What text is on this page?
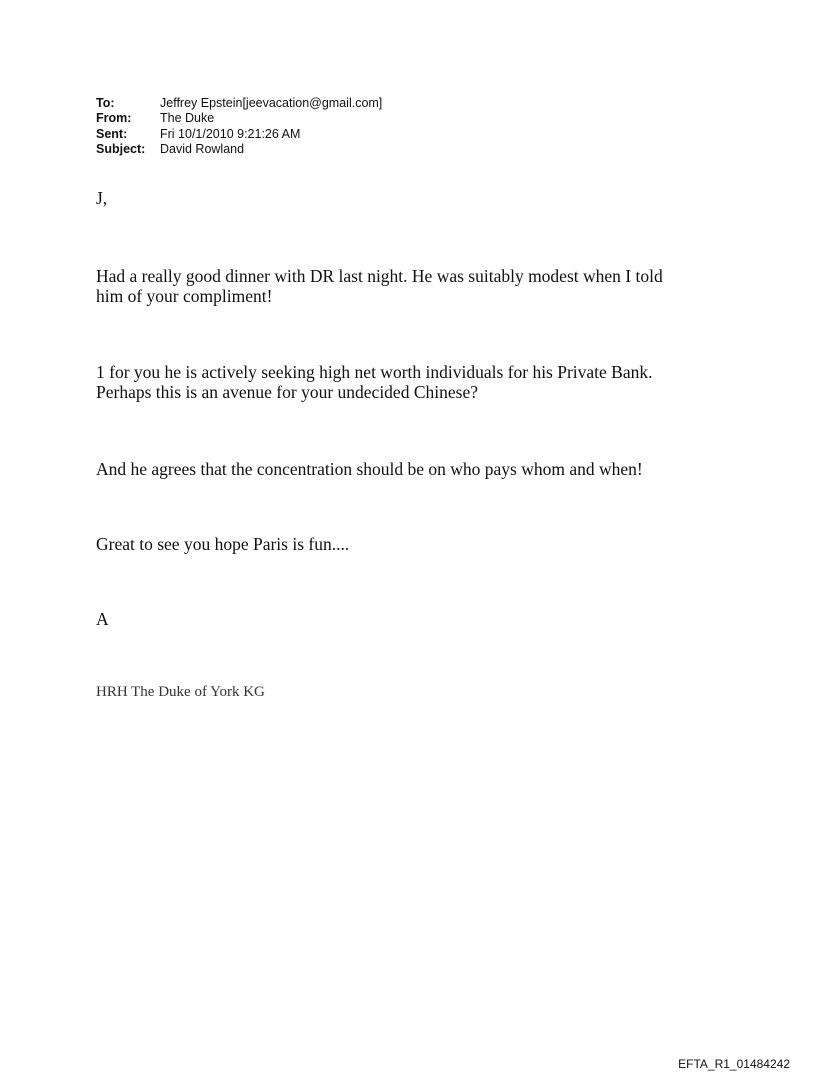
To:	Jeffrey Epstein[jeevacation@gmail.com]
From:	The Duke
Sent:	Fri 10/1/2010 9:21:26 AM
Subject:	David Rowland

J,

Had a really good dinner with DR last night. He was suitably modest when I told

him of your compliment!

1 for you he is actively seeking high net worth individuals for his Private Bank.

Perhaps this is an avenue for your undecided Chinese?

And he agrees that the concentration should be on who pays whom and when!

Great to see you hope Paris is fun....

A

HRH The Duke of York KG

EFTA_R1_01484242
